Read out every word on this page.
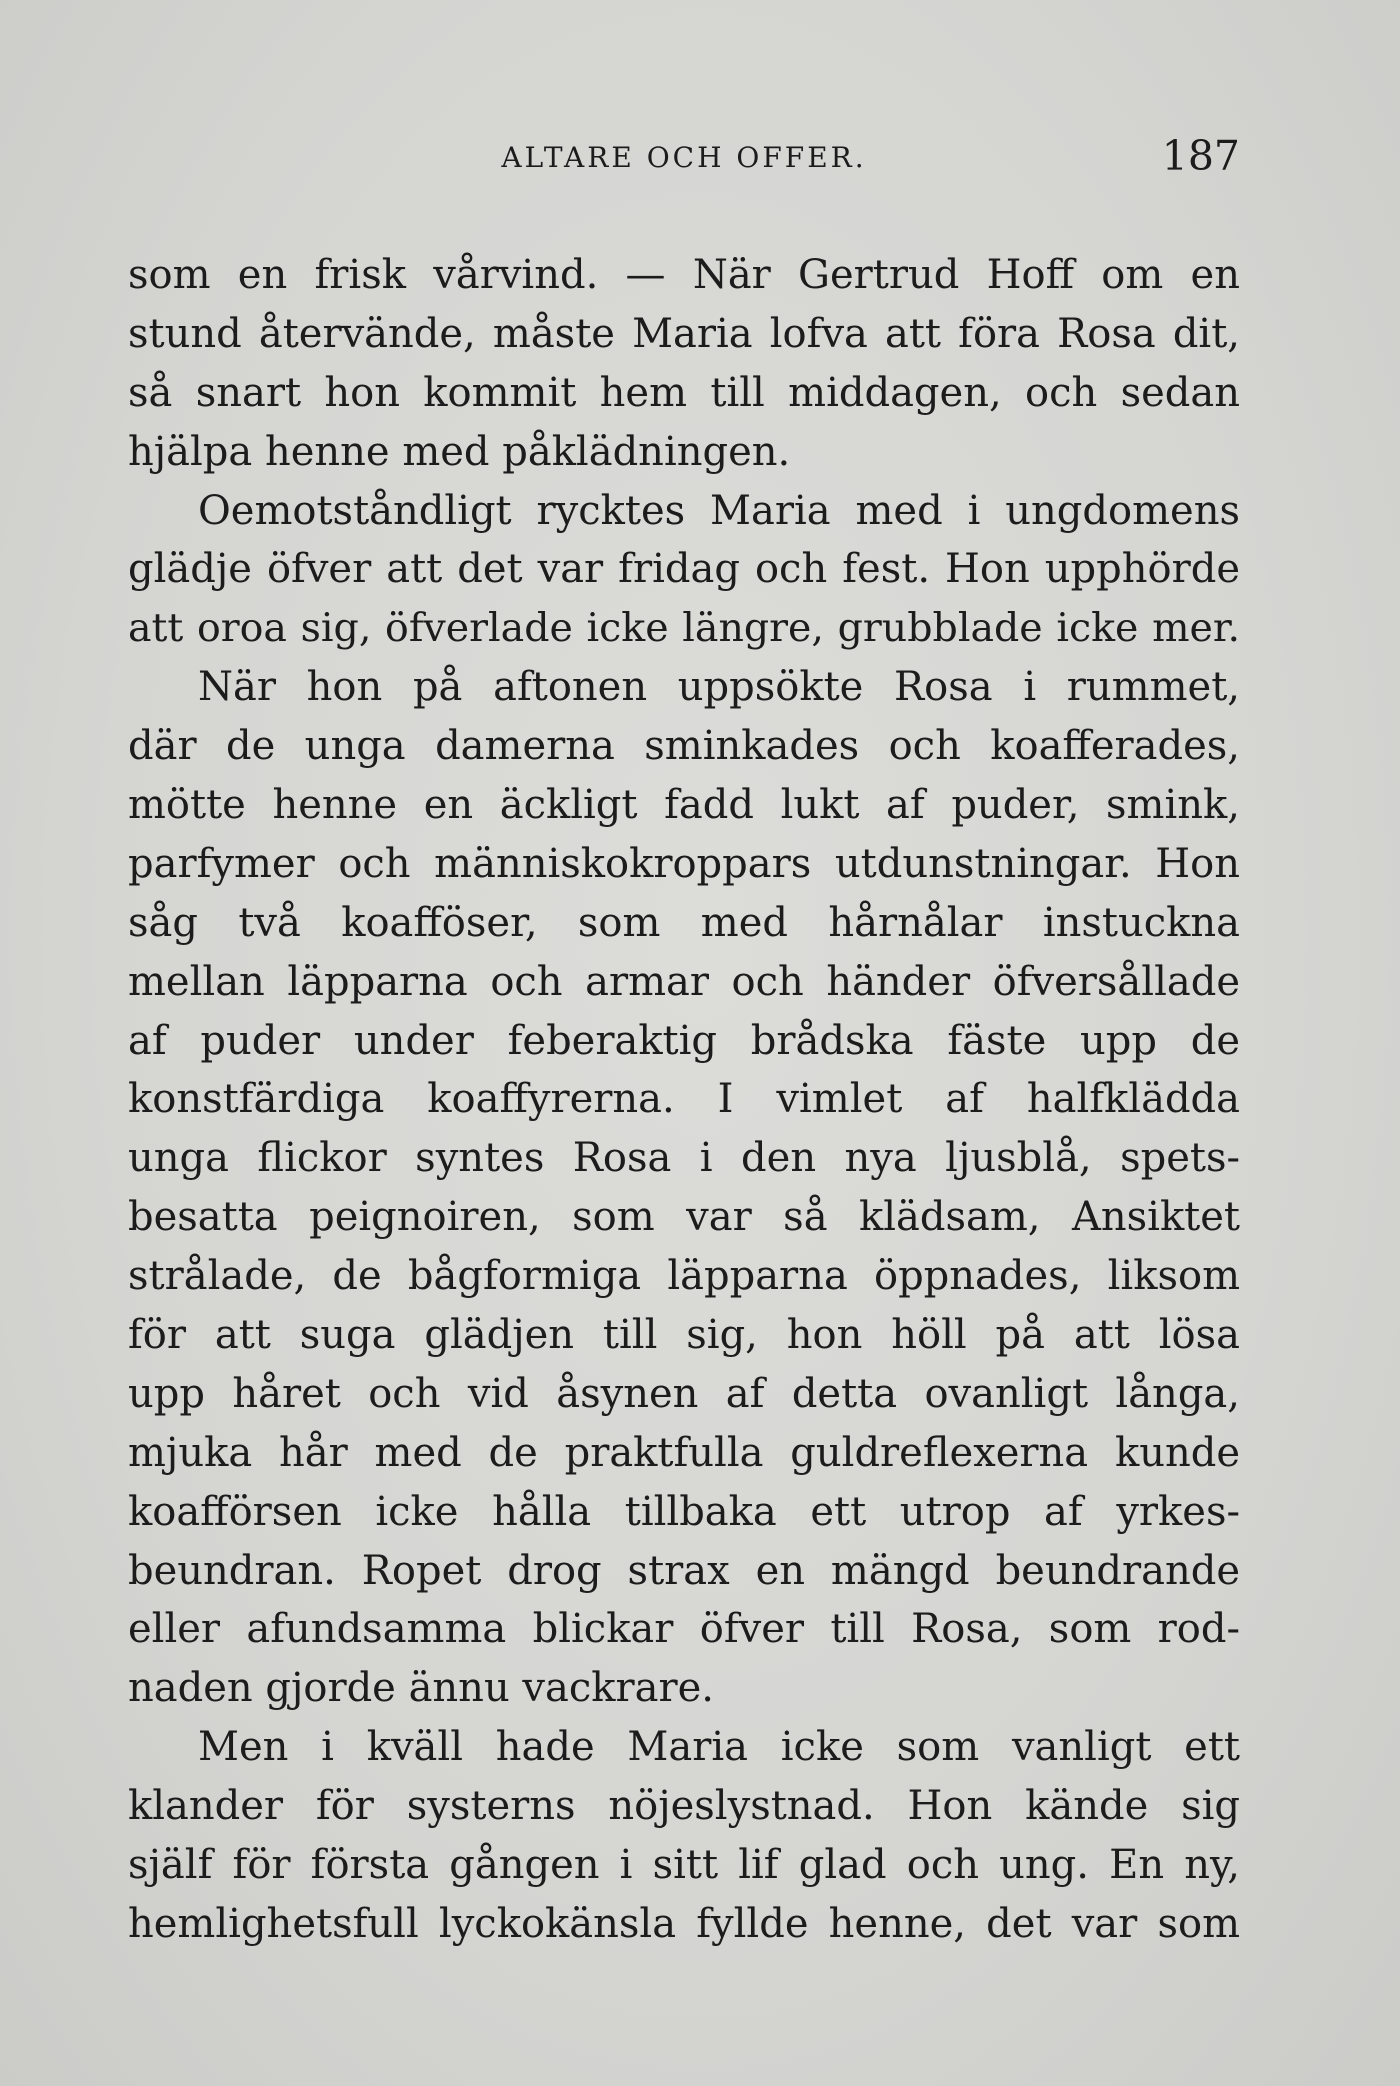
ALTARE OCH OFFER.	187
som en frisk vårvind. — När Gertrud Hoff om en
stund återvände, måste Maria lofva att föra Rosa dit,
så snart hon kommit hem till middagen, och sedan
hjälpa henne med påklädningen.
Oemotståndligt rycktes Maria med i ungdomens
glädje öfver att det var fridag och fest. Hon upphörde
att oroa sig, öfverlade icke längre, grubblade icke mer.
När hon på aftonen uppsökte Rosa i rummet,
där de unga damerna sminkades och koafferades,
mötte henne en äckligt fadd lukt af puder, smink,
parfymer och människokroppars utdunstningar. Hon
såg två koafföser, som med hårnålar instuckna
mellan läpparna och armar och händer öfversållade
af puder under feberaktig brådska fäste upp de
konstfärdiga koaffyrerna. I vimlet af halfklädda
unga flickor syntes Rosa i den nya ljusblå, spets-
besatta peignoiren, som var så klädsam, Ansiktet
strålade, de bågformiga läpparna öppnades, liksom
för att suga glädjen till sig, hon höll på att lösa
upp håret och vid åsynen af detta ovanligt långa,
mjuka hår med de praktfulla guldreflexerna kunde
koafförsen icke hålla tillbaka ett utrop af yrkes-
beundran. Ropet drog strax en mängd beundrande
eller afundsamma blickar öfver till Rosa, som rod-
naden gjorde ännu vackrare.
Men i kväll hade Maria icke som vanligt ett
klander för systerns nöjeslystnad. Hon kände sig
själf för första gången i sitt lif glad och ung. En ny,
hemlighetsfull lyckokänsla fyllde henne, det var som
